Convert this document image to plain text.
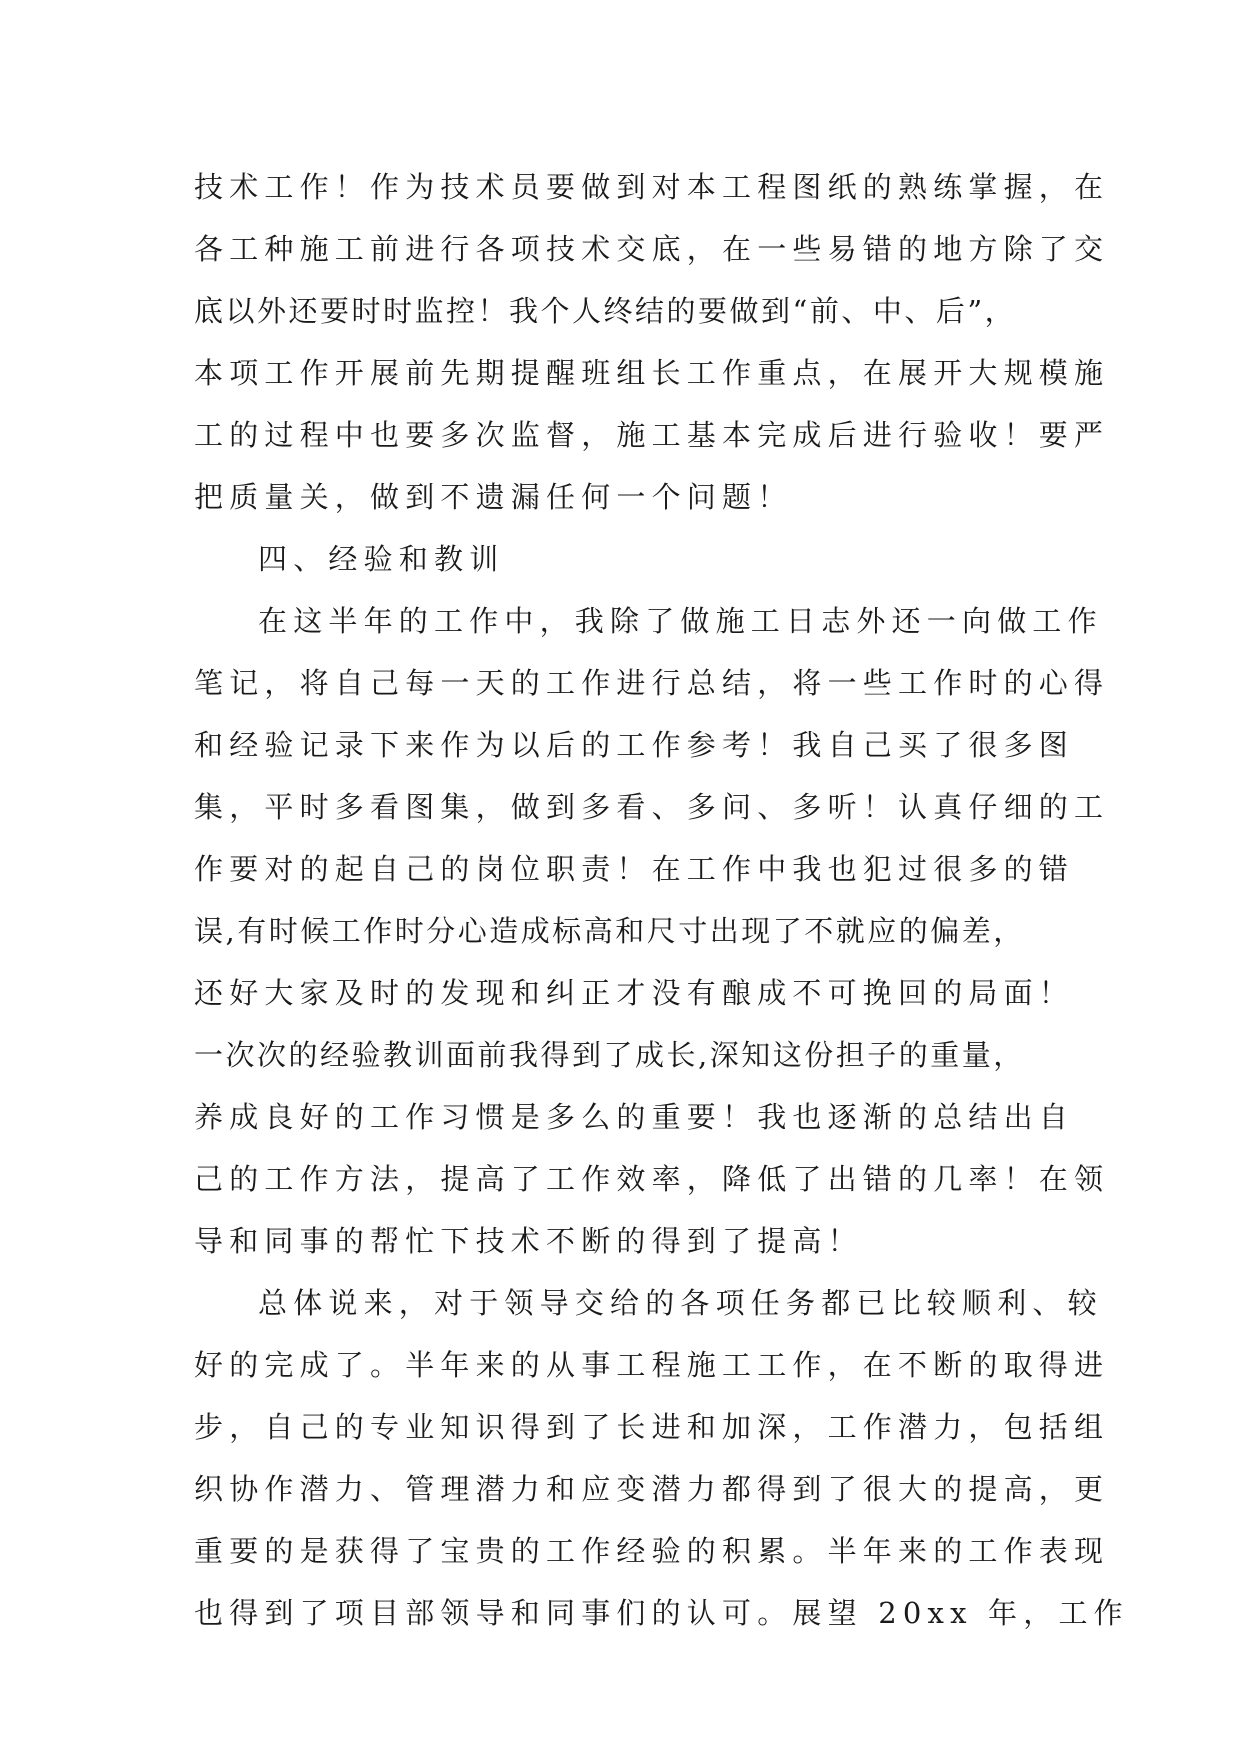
技术工作！作为技术员要做到对本工程图纸的熟练掌握，在
各工种施工前进行各项技术交底，在一些易错的地方除了交
底以外还要时时监控！我个人终结的要做到“前、中、后”，
本项工作开展前先期提醒班组长工作重点，在展开大规模施
工的过程中也要多次监督，施工基本完成后进行验收！要严
把质量关，做到不遗漏任何一个问题！
四、经验和教训
在这半年的工作中，我除了做施工日志外还一向做工作
笔记，将自己每一天的工作进行总结，将一些工作时的心得
和经验记录下来作为以后的工作参考！我自己买了很多图
集，平时多看图集，做到多看、多问、多听！认真仔细的工
作要对的起自己的岗位职责！在工作中我也犯过很多的错
误,有时候工作时分心造成标高和尺寸出现了不就应的偏差，
还好大家及时的发现和纠正才没有酿成不可挽回的局面！
一次次的经验教训面前我得到了成长,深知这份担子的重量，
养成良好的工作习惯是多么的重要！我也逐渐的总结出自
己的工作方法，提高了工作效率，降低了出错的几率！在领
导和同事的帮忙下技术不断的得到了提高！
总体说来，对于领导交给的各项任务都已比较顺利、较
好的完成了。半年来的从事工程施工工作，在不断的取得进
步，自己的专业知识得到了长进和加深，工作潜力，包括组
织协作潜力、管理潜力和应变潜力都得到了很大的提高，更
重要的是获得了宝贵的工作经验的积累。半年来的工作表现
也得到了项目部领导和同事们的认可。展望 20xx 年，工作
